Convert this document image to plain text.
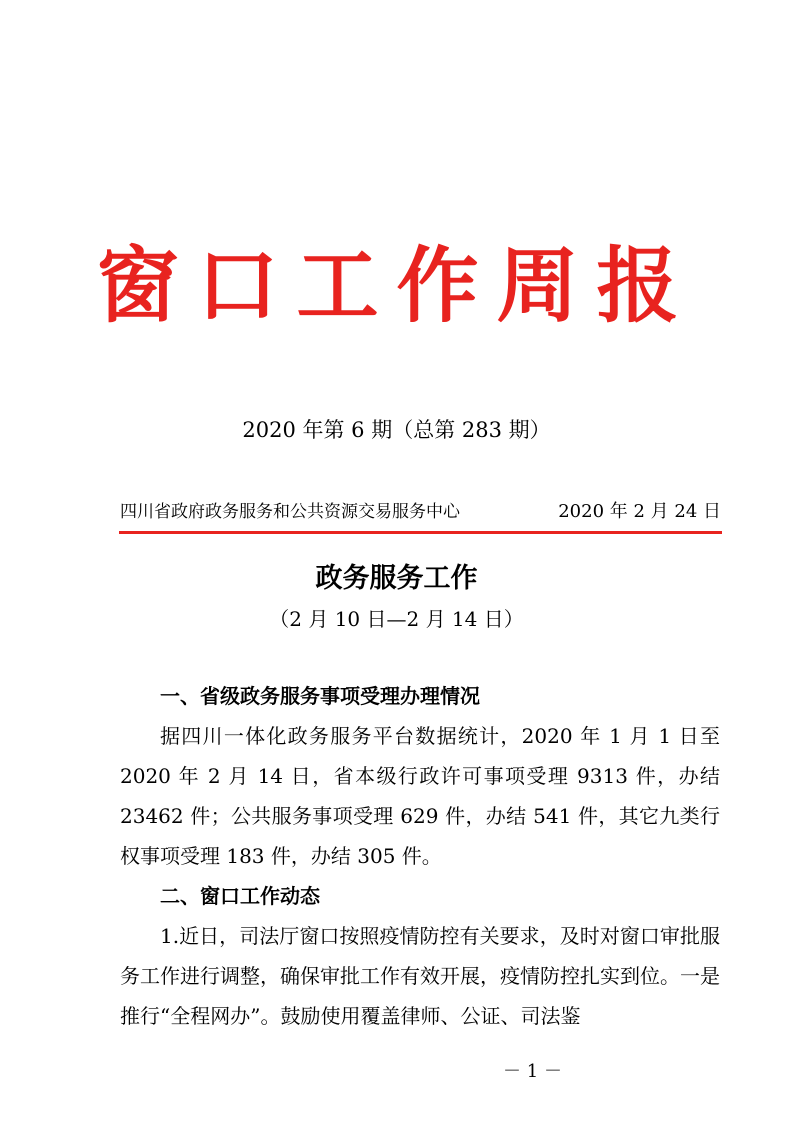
窗口工作周报
2020 年第 6 期（总第 283 期）
四川省政府政务服务和公共资源交易服务中心	2020 年 2 月 24 日
政务服务工作
（2 月 10 日—2 月 14 日）

一、省级政务服务事项受理办理情况

据四川一体化政务服务平台数据统计，2020 年 1 月 1 日至 2020 年 2 月 14 日，省本级行政许可事项受理 9313 件，办结 23462 件；公共服务事项受理 629 件，办结 541 件，其它九类行权事项受理 183 件，办结 305 件。

二、窗口工作动态

1.近日，司法厅窗口按照疫情防控有关要求，及时对窗口审批服务工作进行调整，确保审批工作有效开展，疫情防控扎实到位。一是推行“全程网办”。鼓励使用覆盖律师、公证、司法鉴

－ 1 －
